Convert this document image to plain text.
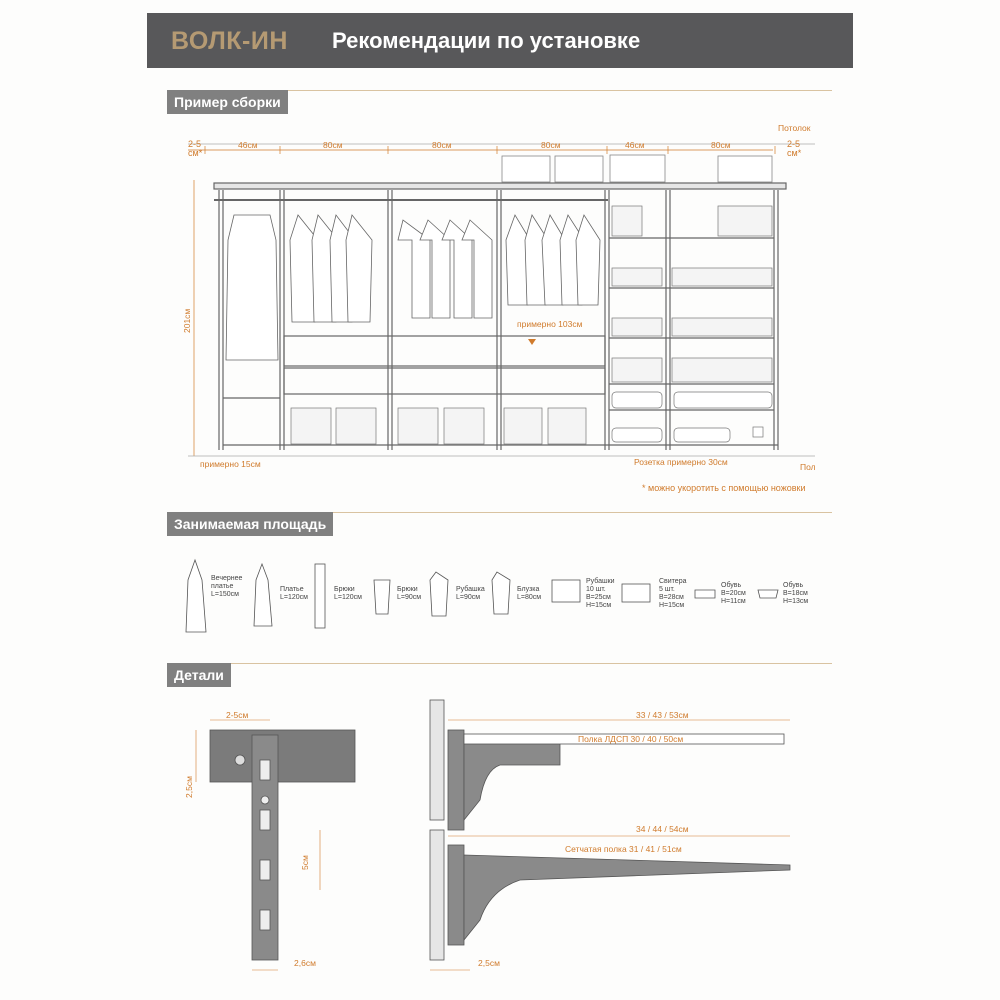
ВОЛК-ИН Рекомендации по установке
Пример сборки
46см	80см	80см	80см	46см	80см
Потолок
Пол
201см	примерно 103см
примерно 15см	Розетка примерно 30см
2-5
см*
2-5
см*
* можно укоротить с помощью ножовки
Занимаемая площадь
Вечернее
платье
L=150см
Платье
L=120см
Брюки
L=120см
Брюки
L=90см
Рубашка
L=90см
Блузка
L=80см
Рубашки
10 шт.
B=25см
H=15см
Свитера
5 шт.
B=28см
H=15см
Обувь
B=20см
H=11см
Обувь
B=18см
H=13см
Детали
2-5см
2,5см
5см
2,6см
33 / 43 / 53см
Полка ЛДСП 30 / 40 / 50см
34 / 44 / 54см
Сетчатая полка 31 / 41 / 51см
2,5см
